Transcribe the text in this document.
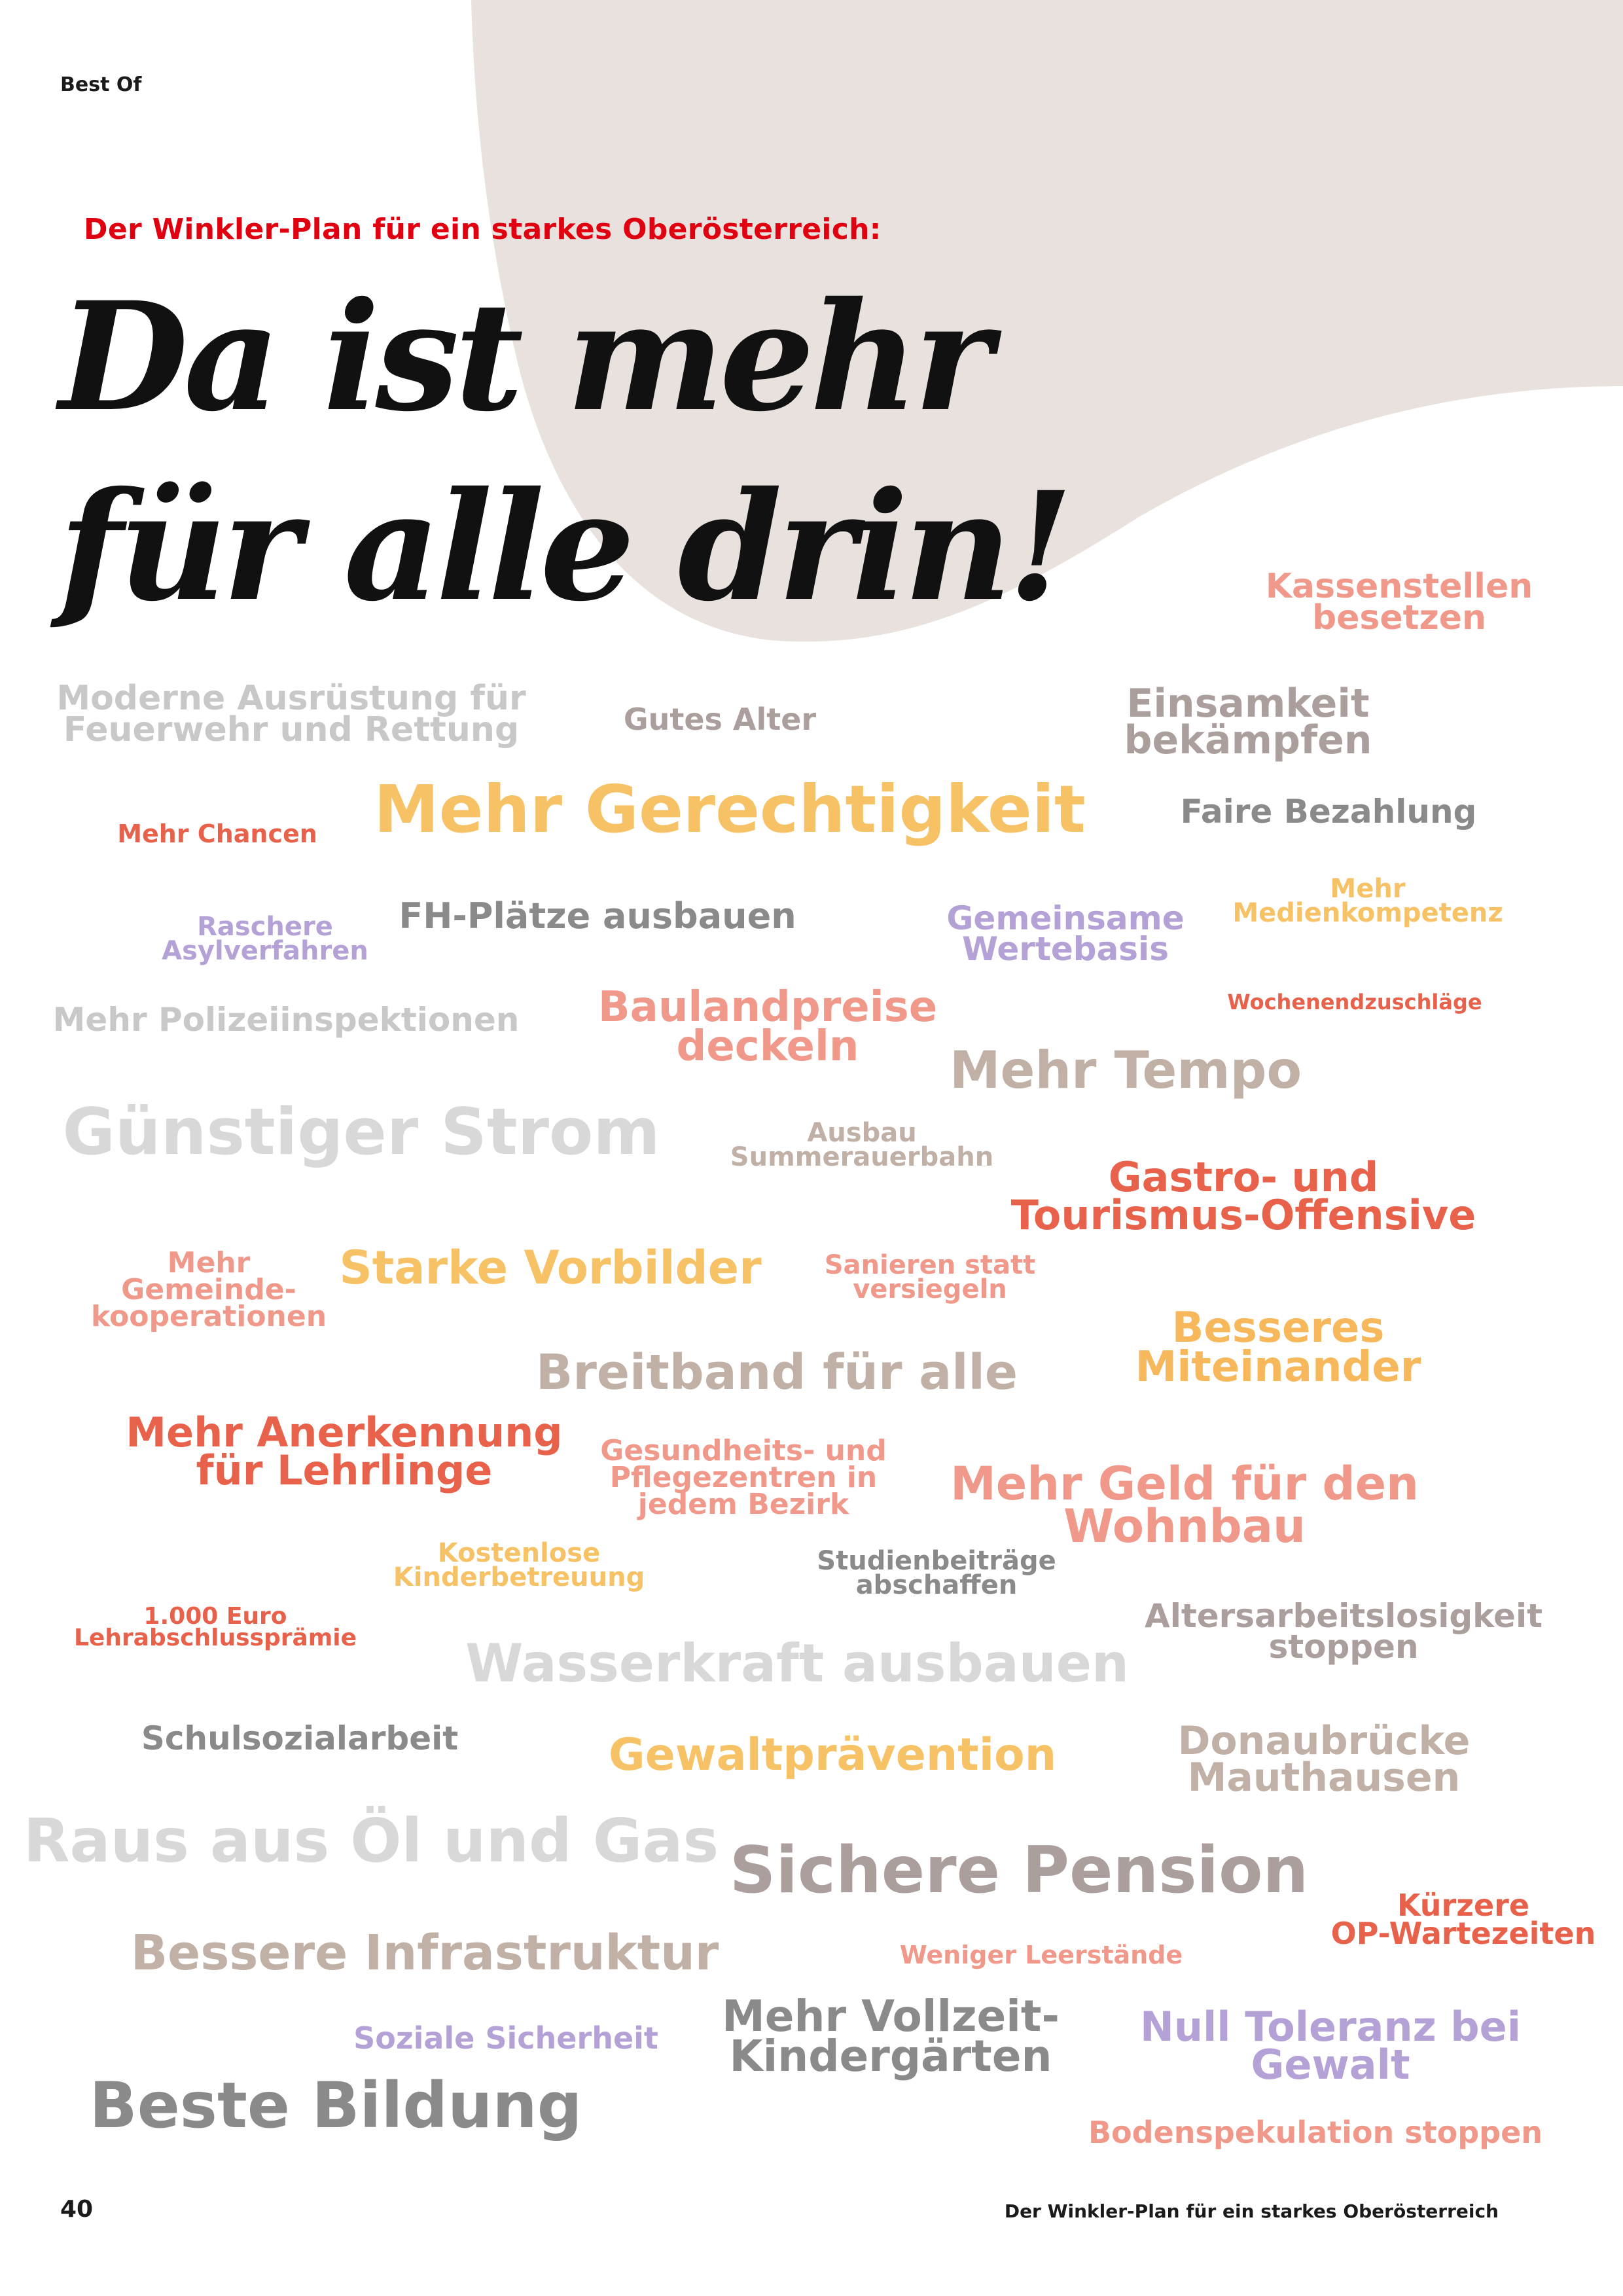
Best Of
Der Winkler-Plan für ein starkes Oberösterreich:
Da ist mehr
für alle drin!	Kassenstellen
besetzen
Moderne Ausrüstung für
Feuerwehr und Rettung	Gutes Alter	Einsamkeit
bekämpfen
Mehr Chancen Mehr Gerechtigkeit	Faire Bezahlung
Mehr
Medienkompetenz
Raschere
Asylverfahren
FH-Plätze ausbauen	Gemeinsame
Wertebasis
Mehr Polizeiinspektionen Baulandpreise
deckeln
Wochenendzuschläge
Mehr Tempo
Günstiger Strom	Ausbau
Summerauerbahn	Gastro- und
Tourismus-Offensive
Mehr
Gemeinde-
kooperationen
Starke Vorbilder Sanieren statt
versiegeln
Besseres
Miteinander
Breitband für alle
Mehr Anerkennung
für Lehrlinge	Gesundheits- und
Pflegezentren in
jedem Bezirk	Mehr Geld für den
Wohnbau
Kostenlose
Kinderbetreuung
Studienbeiträge
abschaffen
1.000 Euro
Lehrabschlussprämie
Altersarbeitslosigkeit
stoppen
Wasserkraft ausbauen
Schulsozialarbeit	Gewaltprävention	Donaubrücke
Mauthausen
Raus aus Öl und Gas Sichere Pension	Kürzere
OP-Wartezeiten
Bessere Infrastruktur	Weniger Leerstände
Soziale Sicherheit Mehr Vollzeit-
Kindergärten
Null Toleranz bei
Gewalt
Beste Bildung	Bodenspekulation stoppen
40	Der Winkler-Plan für ein starkes Oberösterreich
